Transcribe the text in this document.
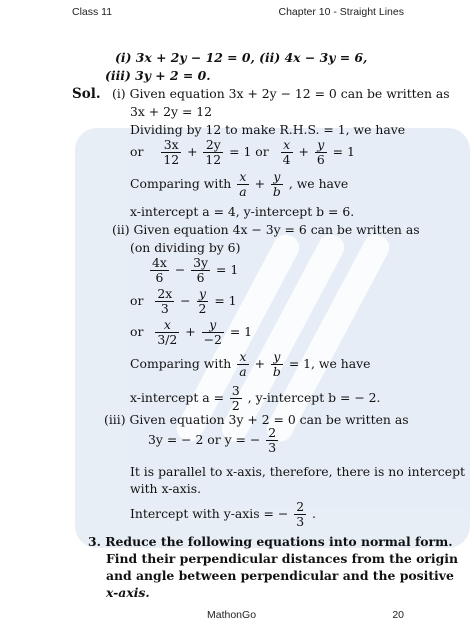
Class 11	Chapter 10 - Straight Lines
(i) 3x + 2y − 12 = 0, (ii) 4x − 3y = 6,
(iii) 3y + 2 = 0.
Sol. (i) Given equation 3x + 2y − 12 = 0 can be written as
3x + 2y = 12
Dividing by 12 to make R.H.S. = 1, we have
or $\frac{3x}{12} + \frac{2y}{12} = 1$ or $\frac{x}{4} + \frac{y}{6} = 1$
Comparing with $\frac{x}{a} + \frac{y}{b}$ , we have
x-intercept a = 4, y-intercept b = 6.
(ii) Given equation 4x − 3y = 6 can be written as
(on dividing by 6)
$\frac{4x}{6} - \frac{3y}{6} = 1$
or $\frac{2x}{3} - \frac{y}{2} = 1$
or $\frac{x}{3/2} + \frac{y}{-2} = 1$
Comparing with $\frac{x}{a} + \frac{y}{b} = 1$, we have
x-intercept $a = \frac{3}{2}$ , y-intercept b = − 2.
(iii) Given equation 3y + 2 = 0 can be written as
3y = − 2 or y = − $\frac{2}{3}$
It is parallel to x-axis, therefore, there is no intercept
with x-axis.
Intercept with y-axis = − $\frac{2}{3}$ .
3. Reduce the following equations into normal form.
Find their perpendicular distances from the origin
and angle between perpendicular and the positive
x-axis.
MathonGo	20
